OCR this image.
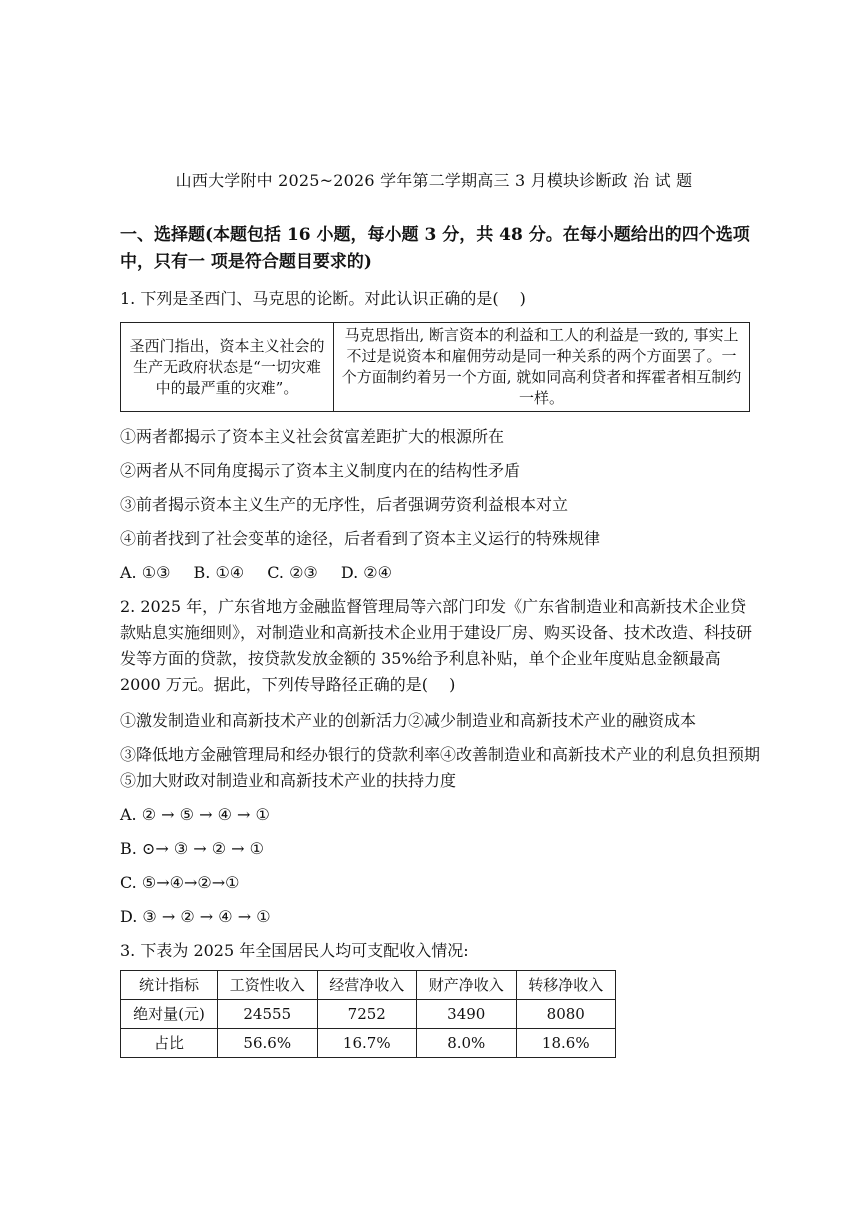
山西大学附中 2025~2026 学年第二学期高三 3 月模块诊断政 治 试 题
一、选择题(本题包括 16 小题，每小题 3 分，共 48 分。在每小题给出的四个选项
中，只有一 项是符合题目要求的)
1. 下列是圣西门、马克思的论断。对此认识正确的是(　 )
圣西门指出，资本主义社会的生产无政府状态是“一切灾难中的最严重的灾难”。	马克思指出, 断言资本的利益和工人的利益是一致的, 事实上不过是说资本和雇佣劳动是同一种关系的两个方面罢了。一个方面制约着另一个方面, 就如同高利贷者和挥霍者相互制约一样。
①两者都揭示了资本主义社会贫富差距扩大的根源所在
②两者从不同角度揭示了资本主义制度内在的结构性矛盾
③前者揭示资本主义生产的无序性，后者强调劳资利益根本对立
④前者找到了社会变革的途径，后者看到了资本主义运行的特殊规律
A. ①③ B. ①④ C. ②③ D. ②④
2. 2025 年，广东省地方金融监督管理局等六部门印发《广东省制造业和高新技术企业贷款贴息实施细则》，对制造业和高新技术企业用于建设厂房、购买设备、技术改造、科技研发等方面的贷款，按贷款发放金额的 35%给予利息补贴，单个企业年度贴息金额最高 2000 万元。据此，下列传导路径正确的是(　 )
①激发制造业和高新技术产业的创新活力②减少制造业和高新技术产业的融资成本
③降低地方金融管理局和经办银行的贷款利率④改善制造业和高新技术产业的利息负担预期 ⑤加大财政对制造业和高新技术产业的扶持力度
A. ② → ⑤ → ④ → ①
B. ⊙→ ③ → ② → ①
C. ⑤→④→②→①
D. ③ → ② → ④ → ①
3. 下表为 2025 年全国居民人均可支配收入情况:
统计指标	工资性收入	经营净收入	财产净收入	转移净收入
绝对量(元)	24555	7252	3490	8080
占比	56.6%	16.7%	8.0%	18.6%
